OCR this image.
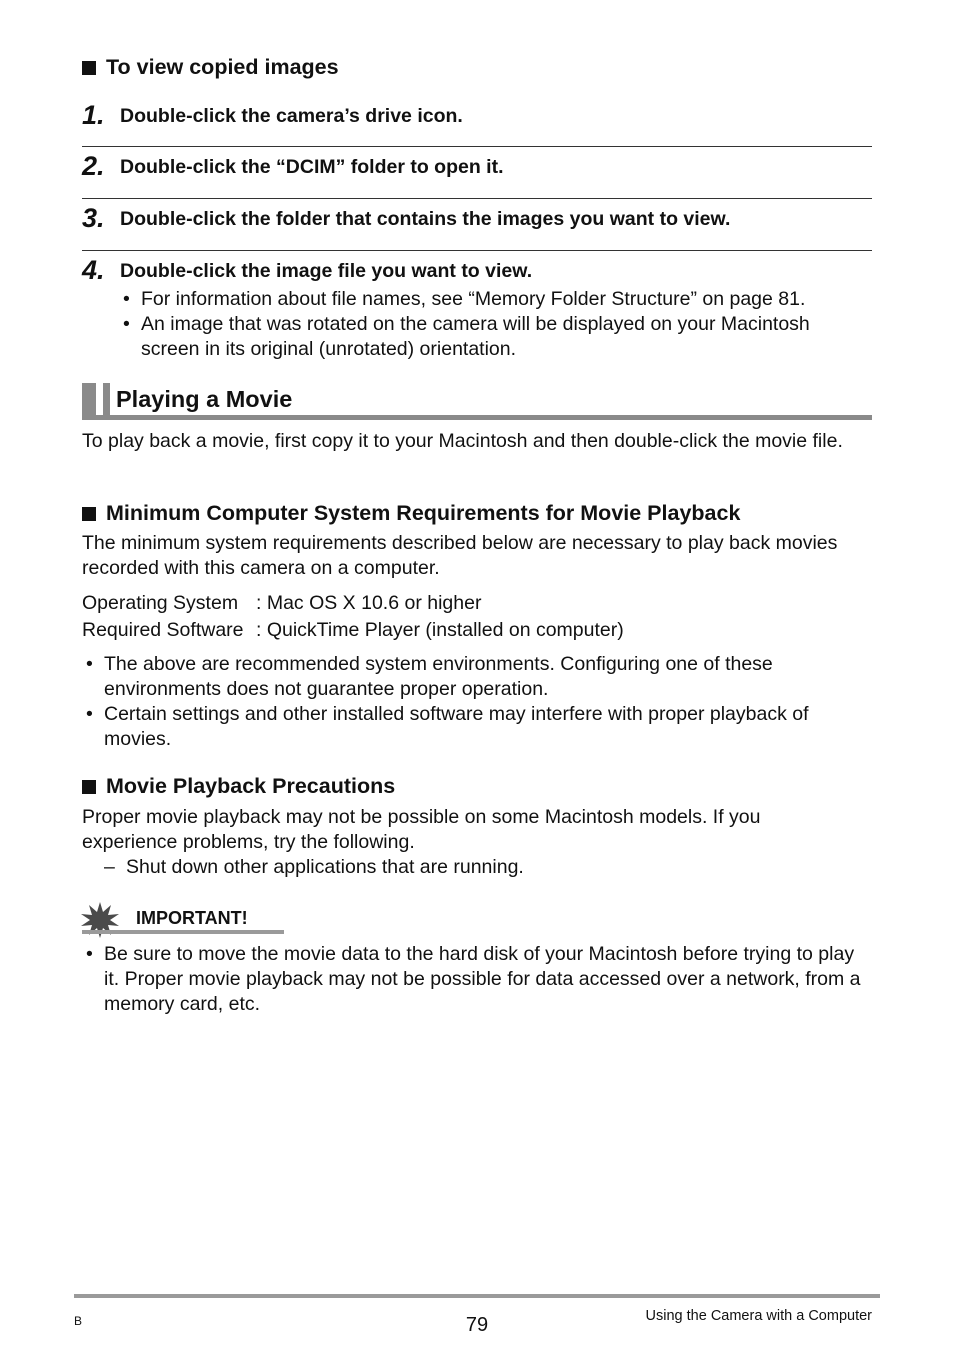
To view copied images
1. Double-click the camera’s drive icon.
2. Double-click the “DCIM” folder to open it.
3. Double-click the folder that contains the images you want to view.
4. Double-click the image file you want to view.
• For information about file names, see “Memory Folder Structure” on page 81.
• An image that was rotated on the camera will be displayed on your Macintosh screen in its original (unrotated) orientation.
Playing a Movie
To play back a movie, first copy it to your Macintosh and then double-click the movie file.
Minimum Computer System Requirements for Movie Playback
The minimum system requirements described below are necessary to play back movies recorded with this camera on a computer.
Operating System : Mac OS X 10.6 or higher
Required Software : QuickTime Player (installed on computer)
• The above are recommended system environments. Configuring one of these environments does not guarantee proper operation.
• Certain settings and other installed software may interfere with proper playback of movies.
Movie Playback Precautions
Proper movie playback may not be possible on some Macintosh models. If you experience problems, try the following.
– Shut down other applications that are running.
IMPORTANT!
• Be sure to move the movie data to the hard disk of your Macintosh before trying to play it. Proper movie playback may not be possible for data accessed over a network, from a memory card, etc.
B	79	Using the Camera with a Computer
